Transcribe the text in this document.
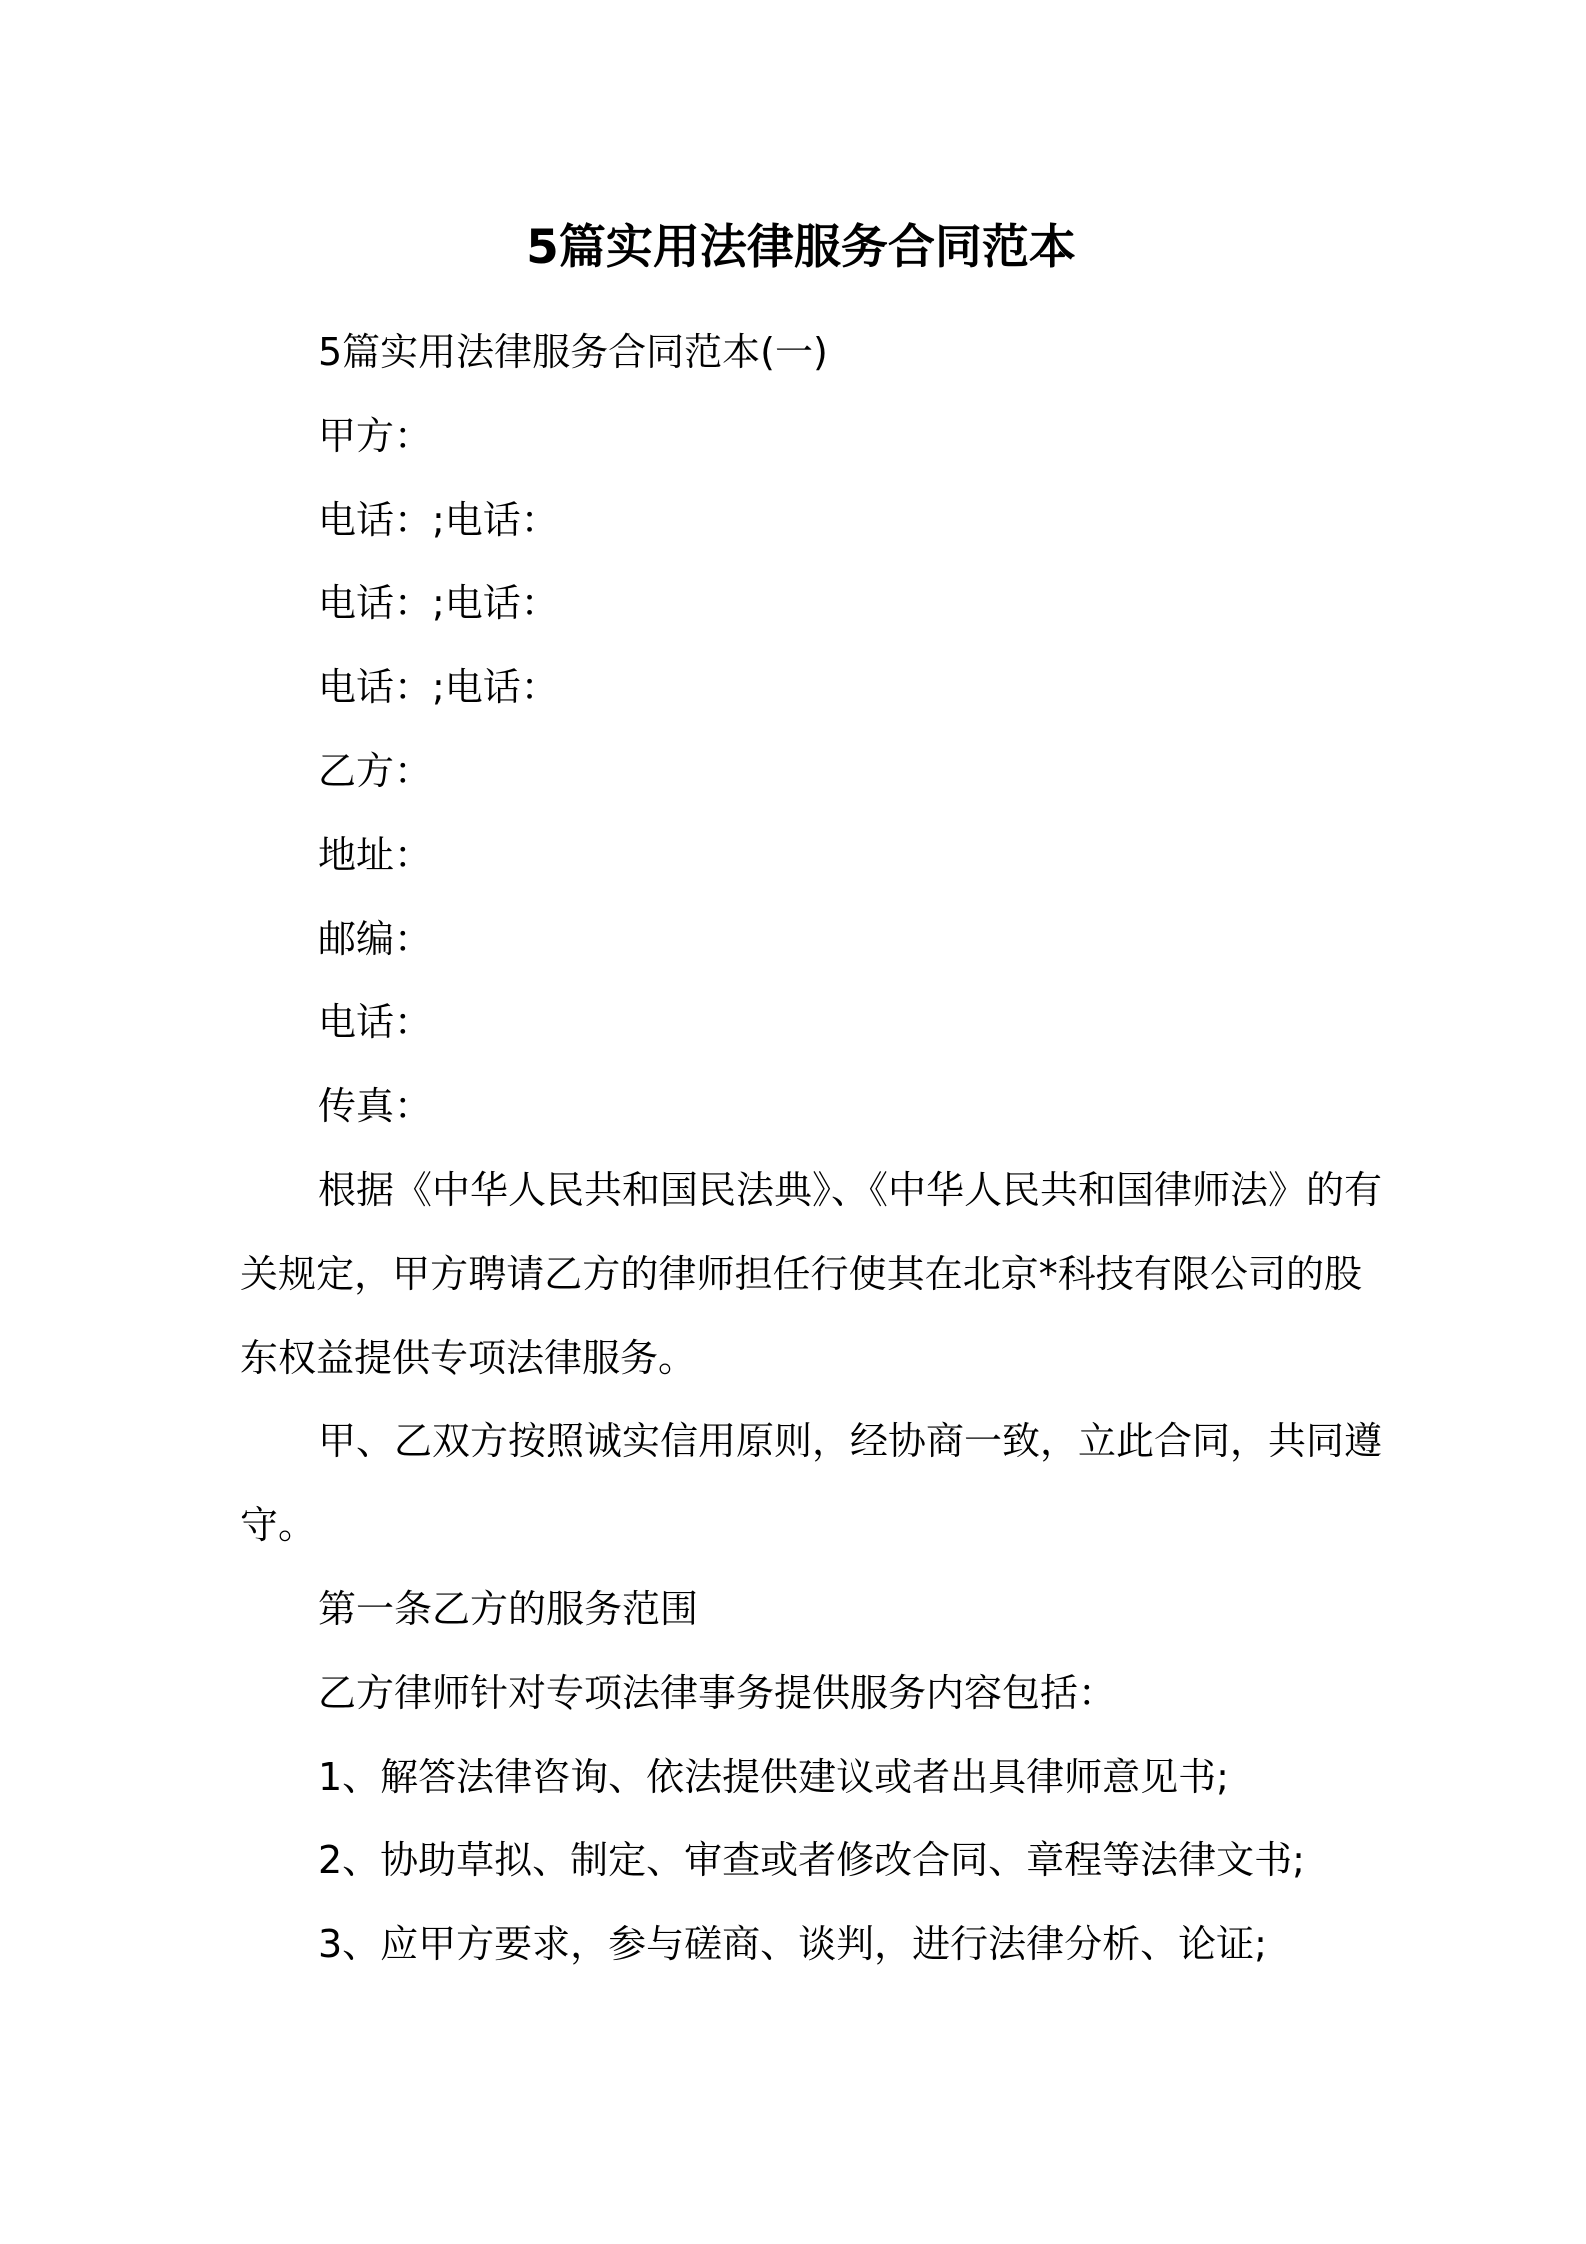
5篇实用法律服务合同范本
5篇实用法律服务合同范本(一)
甲方：
电话：;电话：
电话：;电话：
电话：;电话：
乙方：
地址：
邮编：
电话：
传真：
根据《中华人民共和国民法典》、《中华人民共和国律师法》的有
关规定，甲方聘请乙方的律师担任行使其在北京*科技有限公司的股
东权益提供专项法律服务。
甲、乙双方按照诚实信用原则，经协商一致，立此合同，共同遵
守。
第一条乙方的服务范围
乙方律师针对专项法律事务提供服务内容包括：
1、解答法律咨询、依法提供建议或者出具律师意见书;
2、协助草拟、制定、审查或者修改合同、章程等法律文书;
3、应甲方要求，参与磋商、谈判，进行法律分析、论证;
